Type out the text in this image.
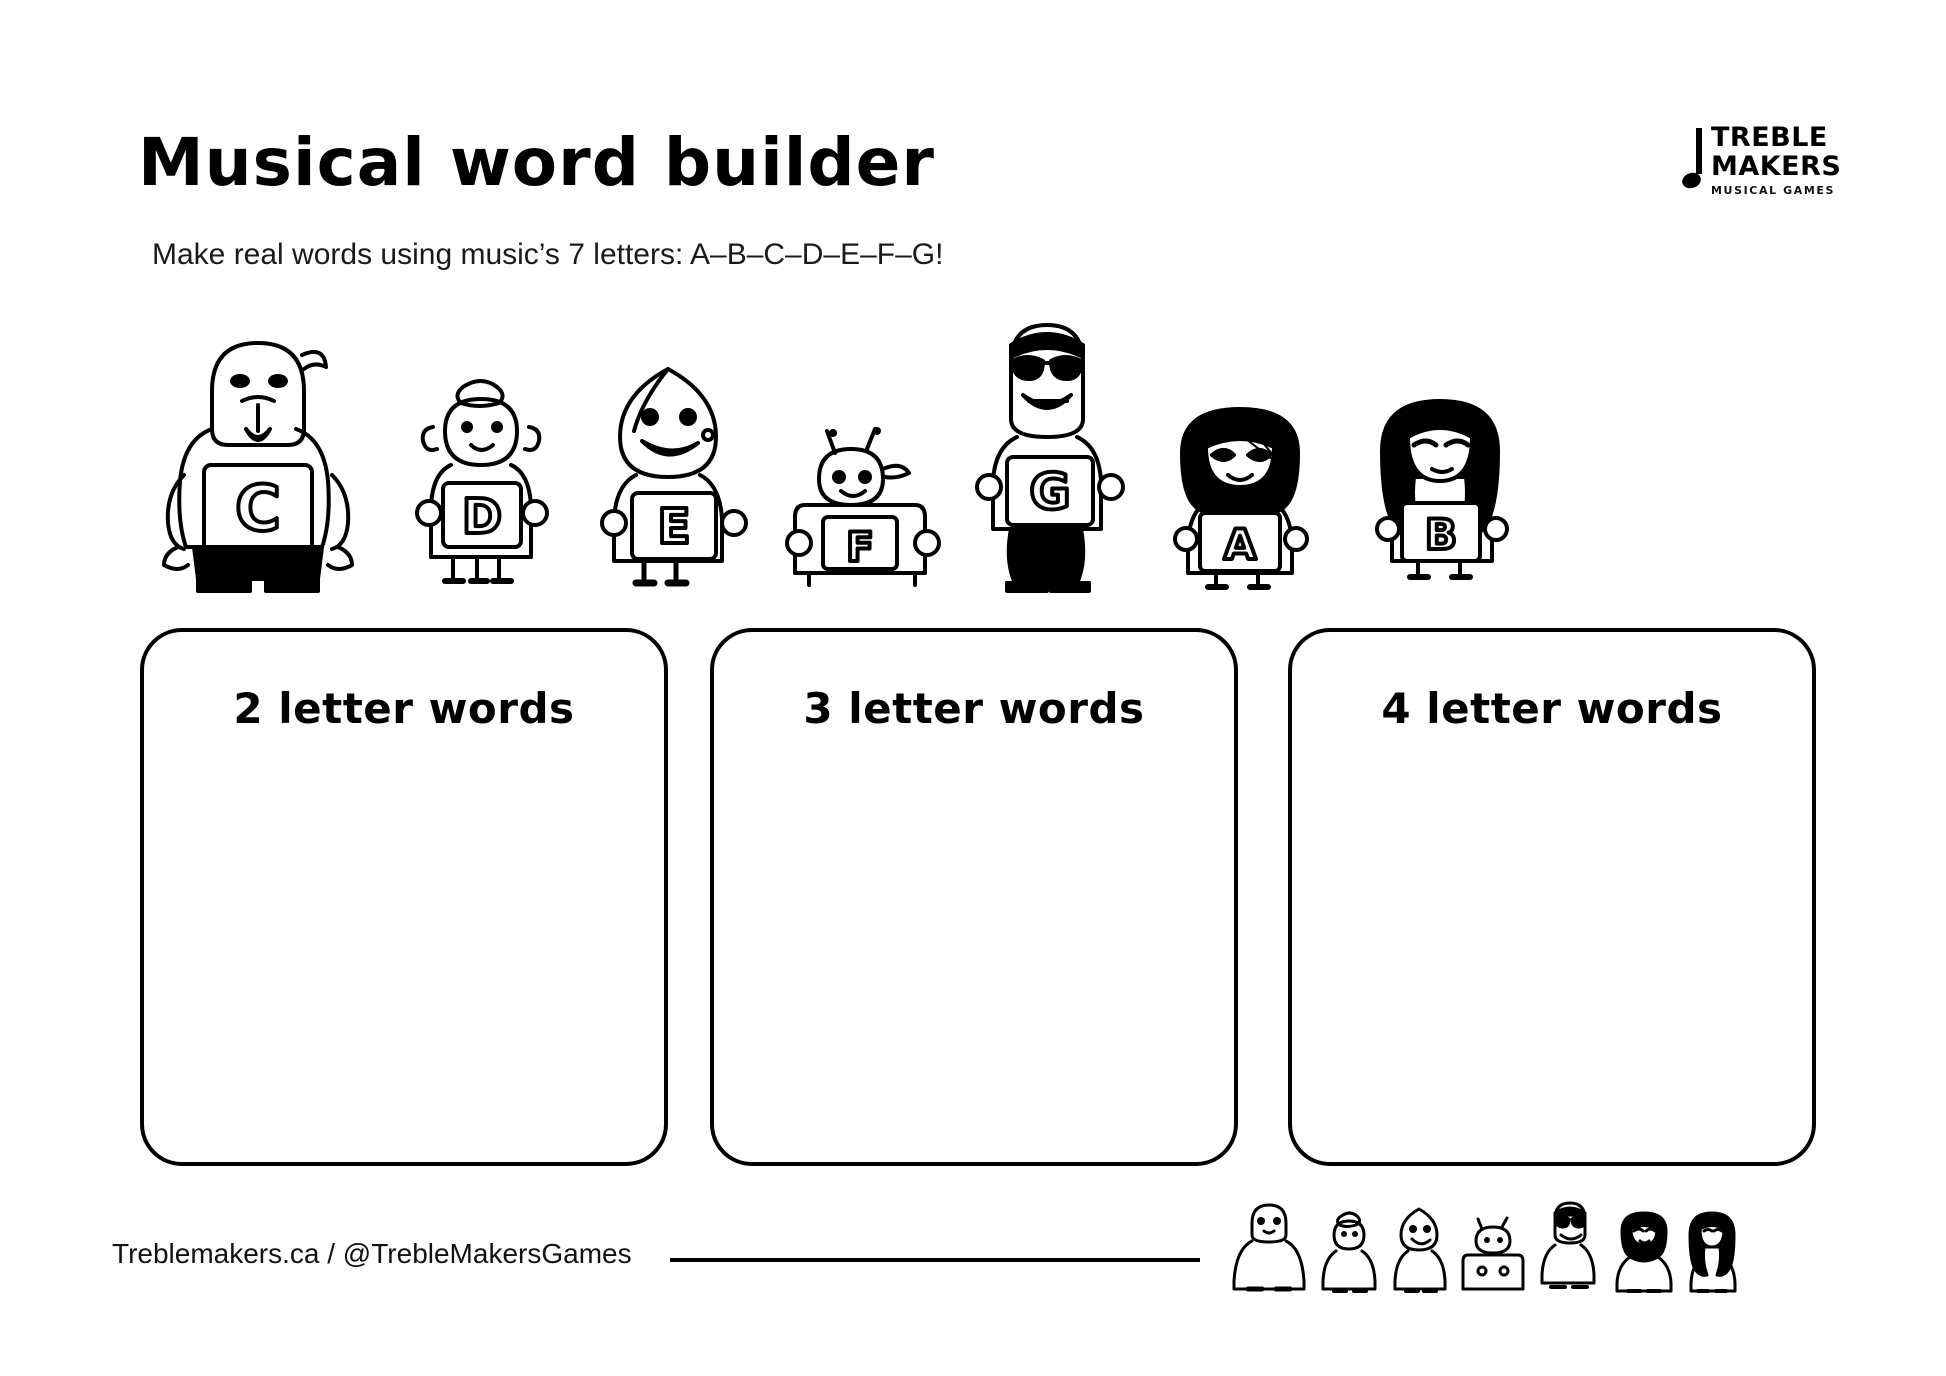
Musical word builder
Make real words using music’s 7 letters: A–B–C–D–E–F–G!
TREBLE
MAKERS
MUSICAL GAMES
C	D	E	F
G
A	B
2 letter words	3 letter words	4 letter words
Treblemakers.ca / @TrebleMakersGames
